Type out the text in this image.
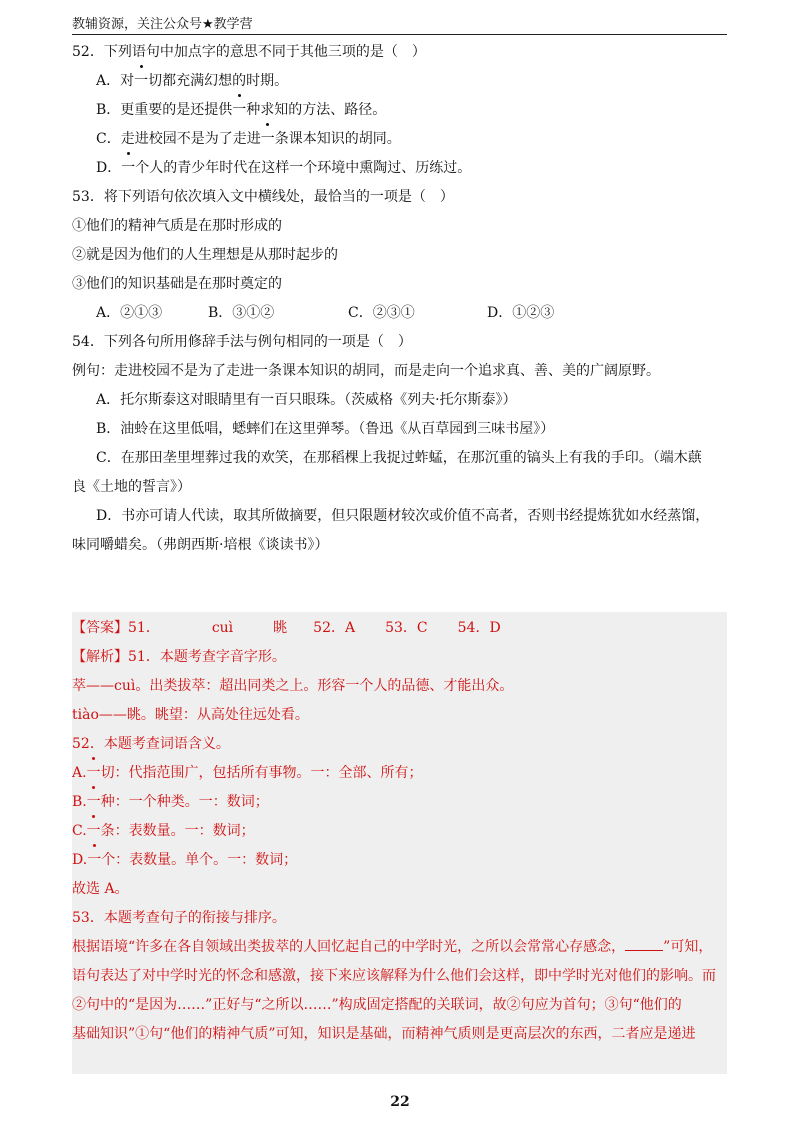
教辅资源，关注公众号★教学营
52．下列语句中加点字的意思不同于其他三项的是（　）
A．对一切都充满幻想的时期。
B．更重要的是还提供一种求知的方法、路径。
C．走进校园不是为了走进一条课本知识的胡同。
D．一个人的青少年时代在这样一个环境中熏陶过、历练过。
53．将下列语句依次填入文中横线处，最恰当的一项是（　）
①他们的精神气质是在那时形成的
②就是因为他们的人生理想是从那时起步的
③他们的知识基础是在那时奠定的
A．②①③	B．③①②	C．②③①	D．①②③
54．下列各句所用修辞手法与例句相同的一项是（　）
例句：走进校园不是为了走进一条课本知识的胡同，而是走向一个追求真、善、美的广阔原野。
A．托尔斯泰这对眼睛里有一百只眼珠。（茨威格《列夫·托尔斯泰》）
B．油蛉在这里低唱，蟋蟀们在这里弹琴。（鲁迅《从百草园到三味书屋》）
C．在那田垄里埋葬过我的欢笑，在那稻棵上我捉过蚱蜢，在那沉重的镐头上有我的手印。（端木蕻
良《土地的誓言》）
D．书亦可请人代读，取其所做摘要，但只限题材较次或价值不高者，否则书经提炼犹如水经蒸馏，
味同嚼蜡矣。（弗朗西斯·培根《谈读书》）
【答案】51．	cuì	眺 52．A 53．C 54．D
【解析】51．本题考查字音字形。
萃——cuì。出类拔萃：超出同类之上。形容一个人的品德、才能出众。
tiào——眺。眺望：从高处往远处看。
52．本题考查词语含义。
A.一切：代指范围广，包括所有事物。一：全部、所有；
B.一种：一个种类。一：数词；
C.一条：表数量。一：数词；
D.一个：表数量。单个。一：数词；
故选 A。
53．本题考查句子的衔接与排序。
根据语境“许多在各自领域出类拔萃的人回忆起自己的中学时光，之所以会常常心存感念，	”可知，
语句表达了对中学时光的怀念和感激，接下来应该解释为什么他们会这样，即中学时光对他们的影响。而
②句中的“是因为……”正好与“之所以……”构成固定搭配的关联词，故②句应为首句；③句“他们的
基础知识”①句“他们的精神气质”可知，知识是基础，而精神气质则是更高层次的东西，二者应是递进
22
